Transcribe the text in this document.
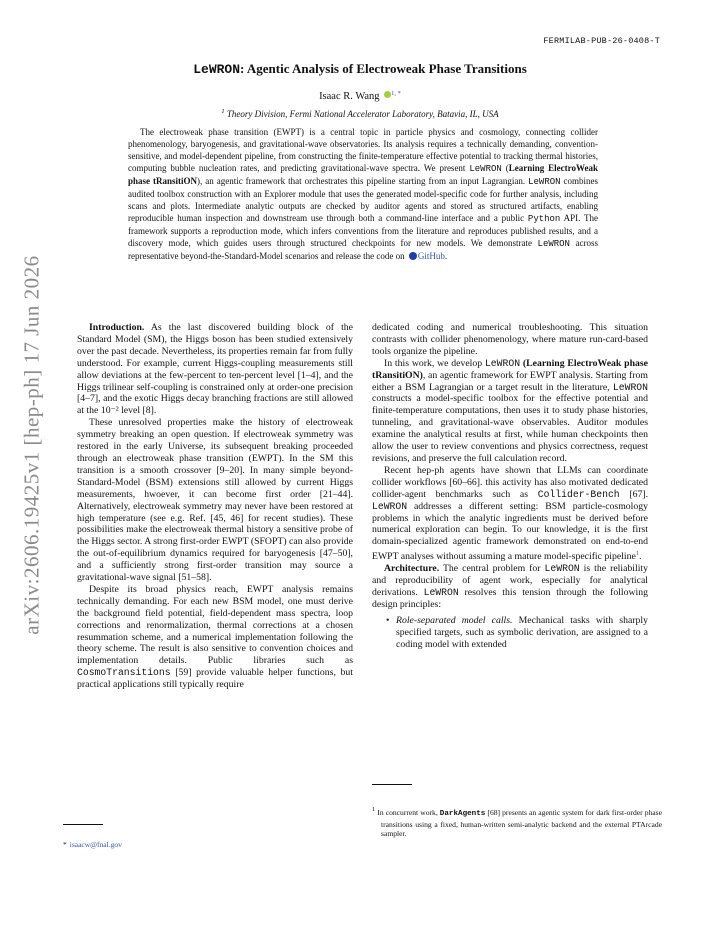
FERMILAB-PUB-26-0408-T
arXiv:2606.19425v1 [hep-ph] 17 Jun 2026
LeWRON: Agentic Analysis of Electroweak Phase Transitions
Isaac R. Wang $^{1, *}$
$^1$ Theory Division, Fermi National Accelerator Laboratory, Batavia, IL, USA

The electroweak phase transition (EWPT) is a central topic in particle physics and cosmology, connecting collider phenomenology, baryogenesis, and gravitational-wave observatories. Its analysis requires a technically demanding, convention-sensitive, and model-dependent pipeline, from constructing the finite-temperature effective potential to tracking thermal histories, computing bubble nucleation rates, and predicting gravitational-wave spectra. We present LeWRON (Learning ElectroWeak phase tRansitiON), an agentic framework that orchestrates this pipeline starting from an input Lagrangian. LeWRON combines audited toolbox construction with an Explorer module that uses the generated model-specific code for further analysis, including scans and plots. Intermediate analytic outputs are checked by auditor agents and stored as structured artifacts, enabling reproducible human inspection and downstream use through both a command-line interface and a public Python API. The framework supports a reproduction mode, which infers conventions from the literature and reproduces published results, and a discovery mode, which guides users through structured checkpoints for new models. We demonstrate LeWRON across representative beyond-the-Standard-Model scenarios and release the code on GitHub.

Introduction. As the last discovered building block of the Standard Model (SM), the Higgs boson has been studied extensively over the past decade. Nevertheless, its properties remain far from fully understood. For example, current Higgs-coupling measurements still allow deviations at the few-percent to ten-percent level [1–4], and the Higgs trilinear self-coupling is constrained only at order-one precision [4–7], and the exotic Higgs decay branching fractions are still allowed at the 10⁻² level [8].

These unresolved properties make the history of electroweak symmetry breaking an open question. If electroweak symmetry was restored in the early Universe, its subsequent breaking proceeded through an electroweak phase transition (EWPT). In the SM this transition is a smooth crossover [9–20]. In many simple beyond-Standard-Model (BSM) extensions still allowed by current Higgs measurements, hwoever, it can become first order [21–44]. Alternatively, electroweak symmetry may never have been restored at high temperature (see e.g. Ref. [45, 46] for recent studies). These possibilities make the electroweak thermal history a sensitive probe of the Higgs sector. A strong first-order EWPT (SFOPT) can also provide the out-of-equilibrium dynamics required for baryogenesis [47–50], and a sufficiently strong first-order transition may source a gravitational-wave signal [51–58].

Despite its broad physics reach, EWPT analysis remains technically demanding. For each new BSM model, one must derive the background field potential, field-dependent mass spectra, loop corrections and renormalization, thermal corrections at a chosen resummation scheme, and a numerical implementation following the theory scheme. The result is also sensitive to convention choices and implementation details. Public libraries such as CosmoTransitions [59] provide valuable helper functions, but practical applications still typically require

dedicated coding and numerical troubleshooting. This situation contrasts with collider phenomenology, where mature run-card-based tools organize the pipeline.

In this work, we develop LeWRON (Learning ElectroWeak phase tRansitiON), an agentic framework for EWPT analysis. Starting from either a BSM Lagrangian or a target result in the literature, LeWRON constructs a model-specific toolbox for the effective potential and finite-temperature computations, then uses it to study phase histories, tunneling, and gravitational-wave observables. Auditor modules examine the analytical results at first, while human checkpoints then allow the user to review conventions and physics correctness, request revisions, and preserve the full calculation record.

Recent hep-ph agents have shown that LLMs can coordinate collider workflows [60–66]. this activity has also motivated dedicated collider-agent benchmarks such as Collider-Bench [67]. LeWRON addresses a different setting: BSM particle-cosmology problems in which the analytic ingredients must be derived before numerical exploration can begin. To our knowledge, it is the first domain-specialized agentic framework demonstrated on end-to-end EWPT analyses without assuming a mature model-specific pipeline$^1$.

Architecture. The central problem for LeWRON is the reliability and reproducibility of agent work, especially for analytical derivations. LeWRON resolves this tension through the following design principles:

• Role-separated model calls. Mechanical tasks with sharply specified targets, such as symbolic derivation, are assigned to a coding model with extended
* isaacw@fnal.gov

1 In concurrent work, DarkAgents [68] presents an agentic system for dark first-order phase transitions using a fixed, human-written semi-analytic backend and the external PTArcade sampler.
